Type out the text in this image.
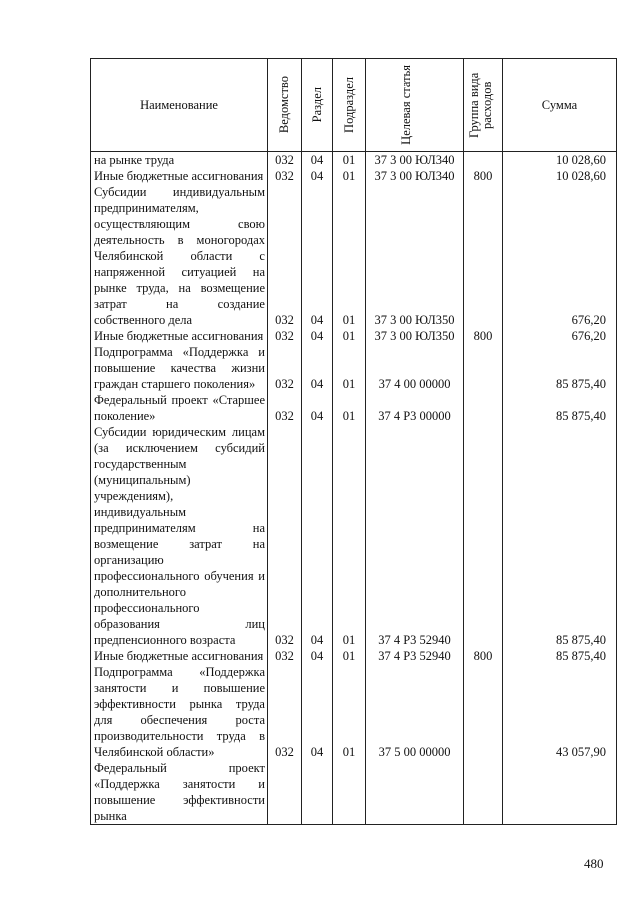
Наименование	Ведомство	Раздел	Подраздел	Целевая статья	Группа вида расходов	Сумма
на рынке труда	032	04	01	37 3 00 ЮЛ340		10 028,60
Иные бюджетные ассигнования	032	04	01	37 3 00 ЮЛ340	800	10 028,60
Субсидии индивидуальным предпринимателям, осуществляющим свою деятельность в моногородах Челябинской области с напряженной ситуацией на рынке труда, на возмещение затрат на создание собственного дела	032	04	01	37 3 00 ЮЛ350		676,20
Иные бюджетные ассигнования	032	04	01	37 3 00 ЮЛ350	800	676,20
Подпрограмма «Поддержка и повышение качества жизни граждан старшего поколения»	032	04	01	37 4 00 00000		85 875,40
Федеральный проект «Старшее поколение»	032	04	01	37 4 P3 00000		85 875,40
Субсидии юридическим лицам (за исключением субсидий государственным (муниципальным) учреждениям), индивидуальным предпринимателям на возмещение затрат на организацию профессионального обучения и дополнительного профессионального образования лиц предпенсионного возраста	032	04	01	37 4 P3 52940		85 875,40
Иные бюджетные ассигнования	032	04	01	37 4 P3 52940	800	85 875,40
Подпрограмма «Поддержка занятости и повышение эффективности рынка труда для обеспечения роста производительности труда в Челябинской области»	032	04	01	37 5 00 00000		43 057,90
Федеральный проект «Поддержка занятости и повышение эффективности рынка						
480
